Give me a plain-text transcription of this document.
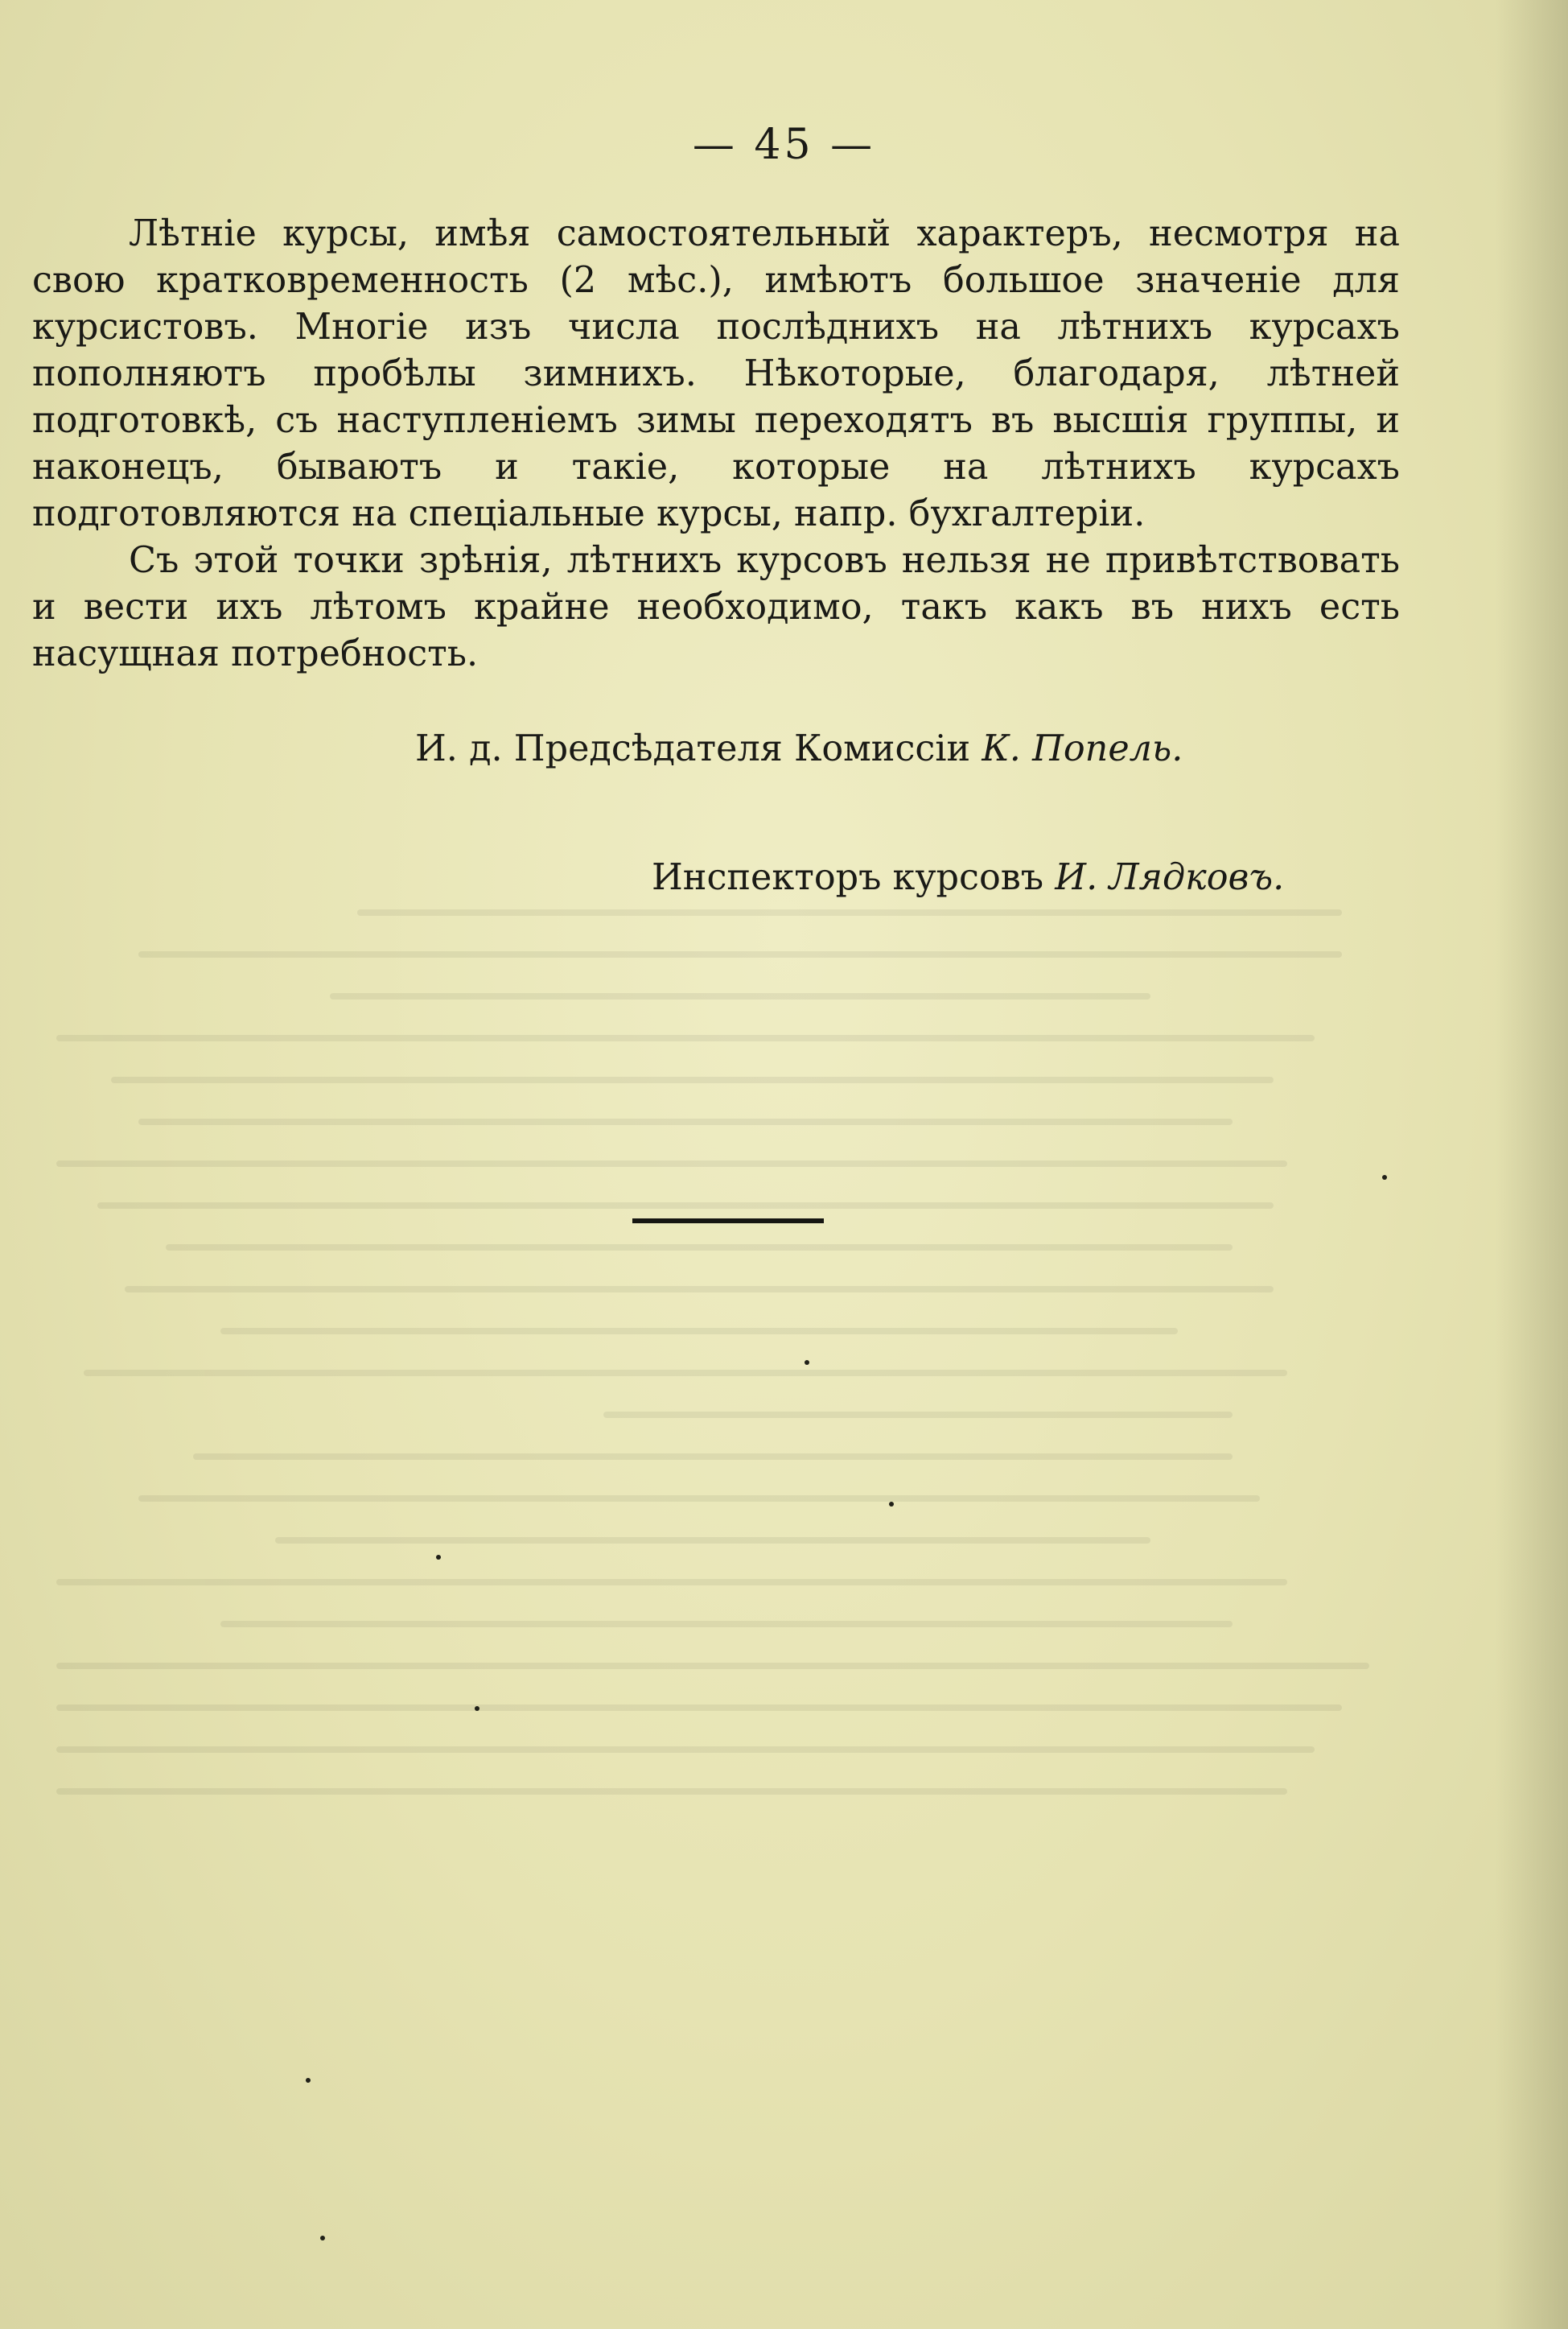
— 45 —

Лѣтніе курсы, имѣя самостоятельный характеръ, несмотря на свою кратковременность (2 мѣс.), имѣютъ большое значеніе для курсистовъ. Многіе изъ числа послѣднихъ на лѣтнихъ курсахъ пополняютъ пробѣлы зимнихъ. Нѣкоторые, благодаря, лѣтней подготовкѣ, съ наступленіемъ зимы переходятъ въ высшія группы, и наконецъ, бываютъ и такіе, которые на лѣтнихъ курсахъ подготовляются на спеціальные курсы, напр. бухгалтеріи.

Съ этой точки зрѣнія, лѣтнихъ курсовъ нельзя не привѣтствовать и вести ихъ лѣтомъ крайне необходимо, такъ какъ въ нихъ есть насущная потребность.

И. д. Предсѣдателя Комиссіи К. Попель.
Инспекторъ курсовъ И. Лядковъ.
